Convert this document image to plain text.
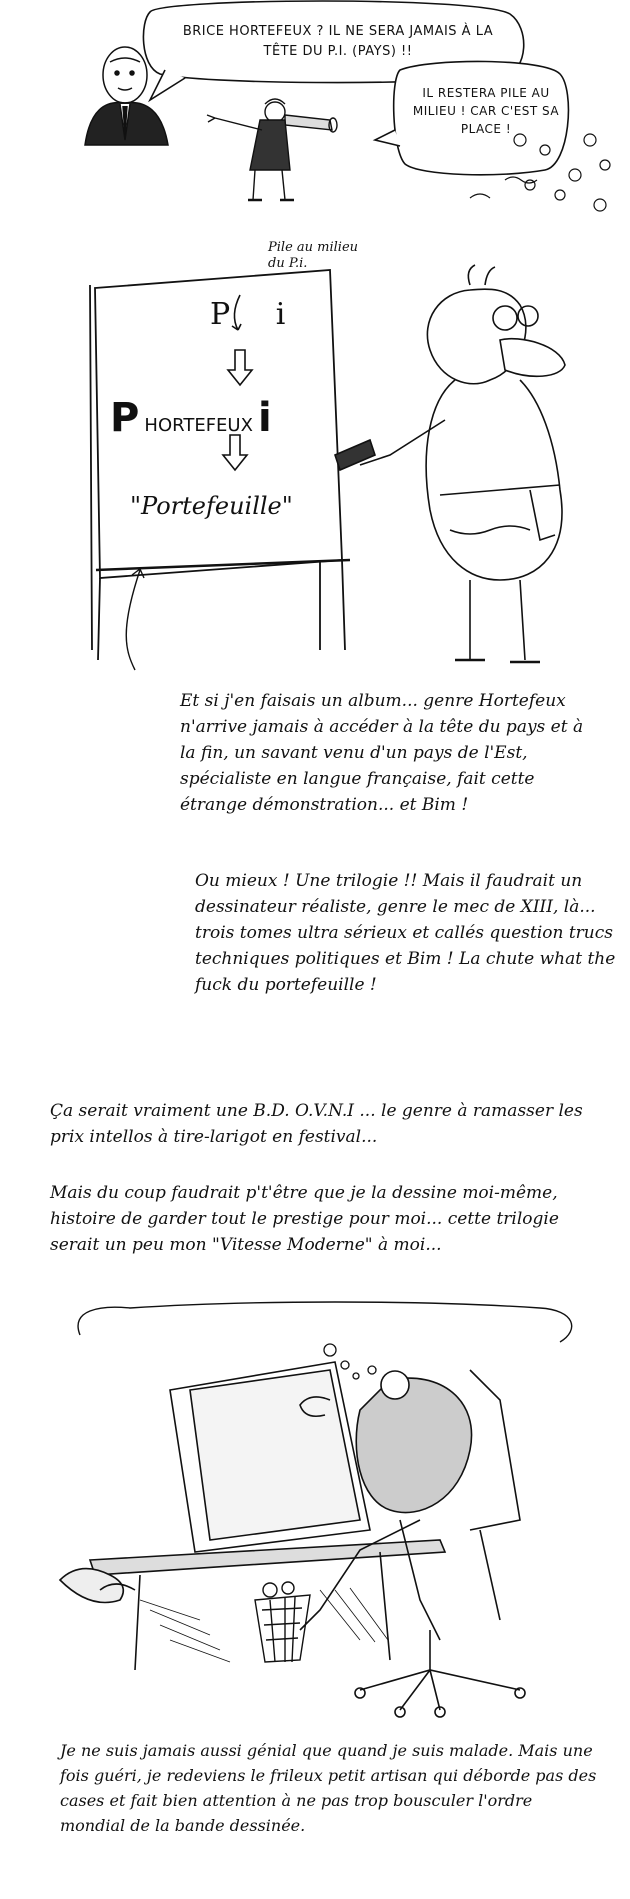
BRICE HORTEFEUX ? IL NE SERA JAMAIS À LA TÊTE DU P.I. (PAYS) !!

IL RESTERA PILE AU MILIEU ! CAR C'EST SA PLACE !

Pile au milieu du P.i.

P i

P HORTEFEUX i

"Portefeuille"

Et si j'en faisais un album... genre Hortefeux n'arrive jamais à accéder à la tête du pays et à la fin, un savant venu d'un pays de l'Est, spécialiste en langue française, fait cette étrange démonstration... et Bim !

Ou mieux ! Une trilogie !! Mais il faudrait un dessinateur réaliste, genre le mec de XIII, là... trois tomes ultra sérieux et callés question trucs techniques politiques et Bim ! La chute what the fuck du portefeuille !

Ça serait vraiment une B.D. O.V.N.I ... le genre à ramasser les prix intellos à tire-larigot en festival...

Mais du coup faudrait p't'être que je la dessine moi-même, histoire de garder tout le prestige pour moi... cette trilogie serait un peu mon "Vitesse Moderne" à moi...

Je ne suis jamais aussi génial que quand je suis malade. Mais une fois guéri, je redeviens le frileux petit artisan qui déborde pas des cases et fait bien attention à ne pas trop bousculer l'ordre mondial de la bande dessinée.
